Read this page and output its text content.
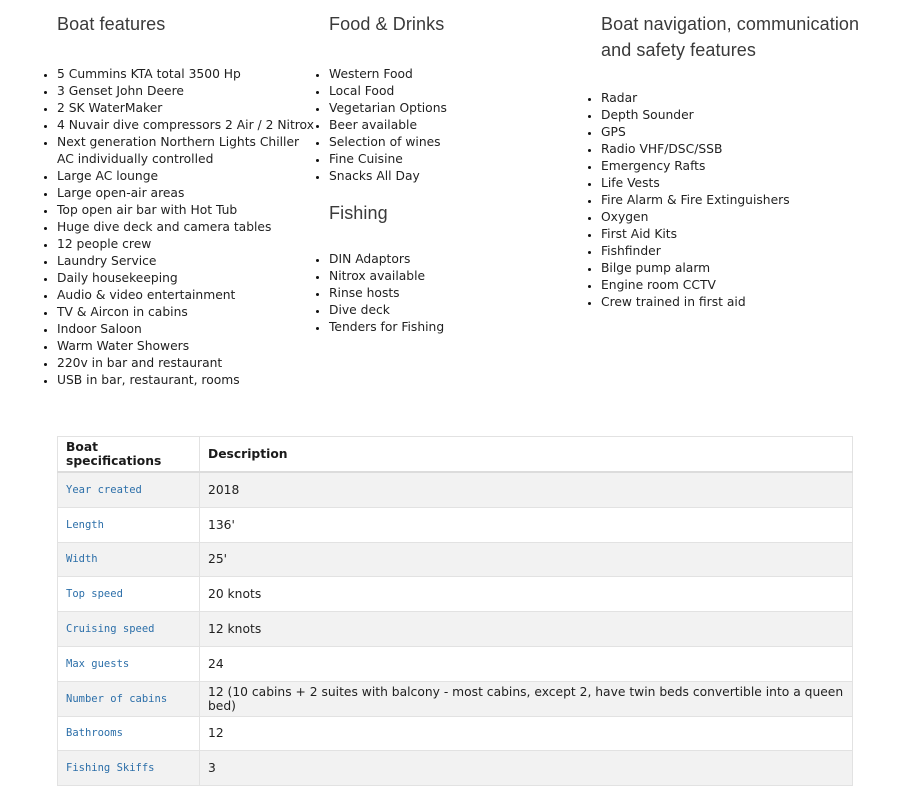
Boat features
• 5 Cummins KTA total 3500 Hp
• 3 Genset John Deere
• 2 SK WaterMaker
• 4 Nuvair dive compressors 2 Air / 2 Nitrox
• Next generation Northern Lights Chiller AC individually controlled
• Large AC lounge
• Large open-air areas
• Top open air bar with Hot Tub
• Huge dive deck and camera tables
• 12 people crew
• Laundry Service
• Daily housekeeping
• Audio & video entertainment
• TV & Aircon in cabins
• Indoor Saloon
• Warm Water Showers
• 220v in bar and restaurant
• USB in bar, restaurant, rooms
Food & Drinks
• Western Food
• Local Food
• Vegetarian Options
• Beer available
• Selection of wines
• Fine Cuisine
• Snacks All Day
Fishing
• DIN Adaptors
• Nitrox available
• Rinse hosts
• Dive deck
• Tenders for Fishing
Boat navigation, communication and safety features
• Radar
• Depth Sounder
• GPS
• Radio VHF/DSC/SSB
• Emergency Rafts
• Life Vests
• Fire Alarm & Fire Extinguishers
• Oxygen
• First Aid Kits
• Fishfinder
• Bilge pump alarm
• Engine room CCTV
• Crew trained in first aid
Boat specifications	Description
Year created	2018
Length	136'
Width	25'
Top speed	20 knots
Cruising speed	12 knots
Max guests	24
Number of cabins	12 (10 cabins + 2 suites with balcony - most cabins, except 2, have twin beds convertible into a queen bed)
Bathrooms	12
Fishing Skiffs	3
